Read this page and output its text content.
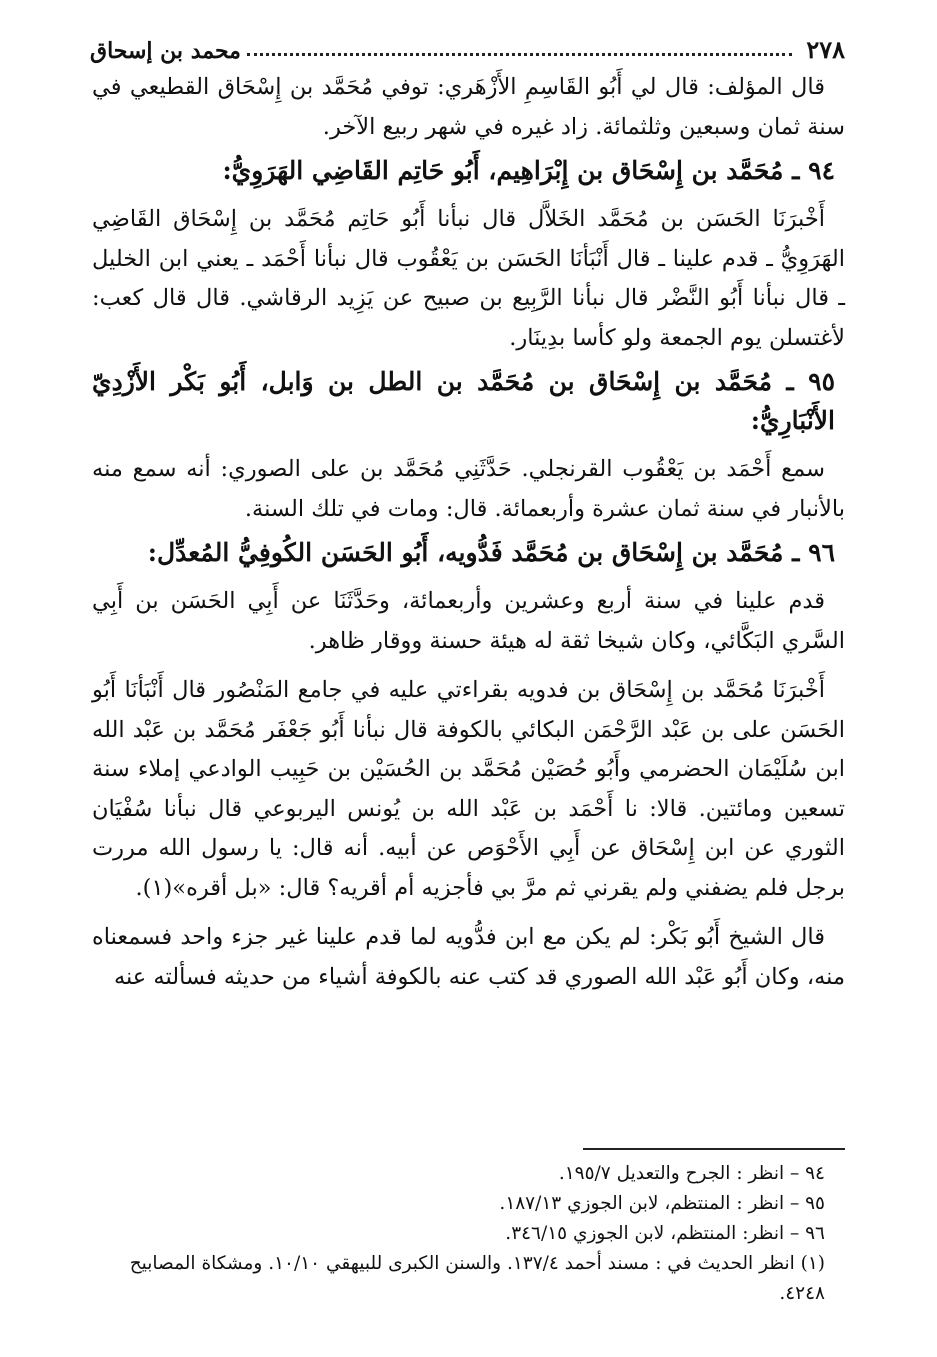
٢٧٨
محمد بن إسحاق

قال المؤلف: قال لي أَبُو القَاسِمِ الأَزْهَري: توفي مُحَمَّد بن إِسْحَاق القطيعي في سنة ثمان وسبعين وثلثمائة. زاد غيره في شهر ربيع الآخر.

٩٤ ـ مُحَمَّد بن إِسْحَاق بن إِبْرَاهِيم، أَبُو حَاتِم القَاضِي الهَرَوِيُّ:

أَخْبرَنَا الحَسَن بن مُحَمَّد الخَلاَّل قال نبأنا أَبُو حَاتِم مُحَمَّد بن إِسْحَاق القَاضِي الهَرَوِيُّ ـ قدم علينا ـ قال أَنْبَأنَا الحَسَن بن يَعْقُوب قال نبأنا أَحْمَد ـ يعني ابن الخليل ـ قال نبأنا أَبُو النَّضْر قال نبأنا الرَّبِيع بن صبيح عن يَزِيد الرقاشي. قال قال كعب: لأغتسلن يوم الجمعة ولو كأسا بدِينَار.

٩٥ ـ مُحَمَّد بن إِسْحَاق بن مُحَمَّد بن الطل بن وَابل، أَبُو بَكْر الأَزْدِيّ الأَنْبَارِيُّ:

سمع أَحْمَد بن يَعْقُوب القرنجلي. حَدَّثَنِي مُحَمَّد بن على الصوري: أنه سمع منه بالأنبار في سنة ثمان عشرة وأربعمائة. قال: ومات في تلك السنة.

٩٦ ـ مُحَمَّد بن إِسْحَاق بن مُحَمَّد فَدُّويه، أَبُو الحَسَن الكُوفِيُّ المُعدِّل:

قدم علينا في سنة أربع وعشرين وأربعمائة، وحَدَّثَنَا عن أَبِي الحَسَن بن أَبِي السَّري البَكَّائي، وكان شيخا ثقة له هيئة حسنة ووقار ظاهر.

أَخْبرَنَا مُحَمَّد بن إِسْحَاق بن فدويه بقراءتي عليه في جامع المَنْصُور قال أَنْبَأنَا أَبُو الحَسَن على بن عَبْد الرَّحْمَن البكائي بالكوفة قال نبأنا أَبُو جَعْفَر مُحَمَّد بن عَبْد الله ابن سُلَيْمَان الحضرمي وأَبُو حُصَيْن مُحَمَّد بن الحُسَيْن بن حَبِيب الوادعي إملاء سنة تسعين ومائتين. قالا: نا أَحْمَد بن عَبْد الله بن يُونس اليربوعي قال نبأنا سُفْيَان الثوري عن ابن إِسْحَاق عن أَبِي الأَحْوَص عن أبيه. أنه قال: يا رسول الله مررت برجل فلم يضفني ولم يقرني ثم مرَّ بي فأجزيه أم أقريه؟ قال: «بل أقره»(١).

قال الشيخ أَبُو بَكْر: لم يكن مع ابن فدُّويه لما قدم علينا غير جزء واحد فسمعناه منه، وكان أَبُو عَبْد الله الصوري قد كتب عنه بالكوفة أشياء من حديثه فسألته عنه

٩٤ – انظر : الجرح والتعديل ١٩٥/٧.
٩٥ – انظر : المنتظم، لابن الجوزي ١٨٧/١٣.
٩٦ – انظر: المنتظم، لابن الجوزي ٣٤٦/١٥.
(١) انظر الحديث في : مسند أحمد ١٣٧/٤. والسنن الكبرى للبيهقي ١٠/١٠. ومشكاة المصابيح ٤٢٤٨.
